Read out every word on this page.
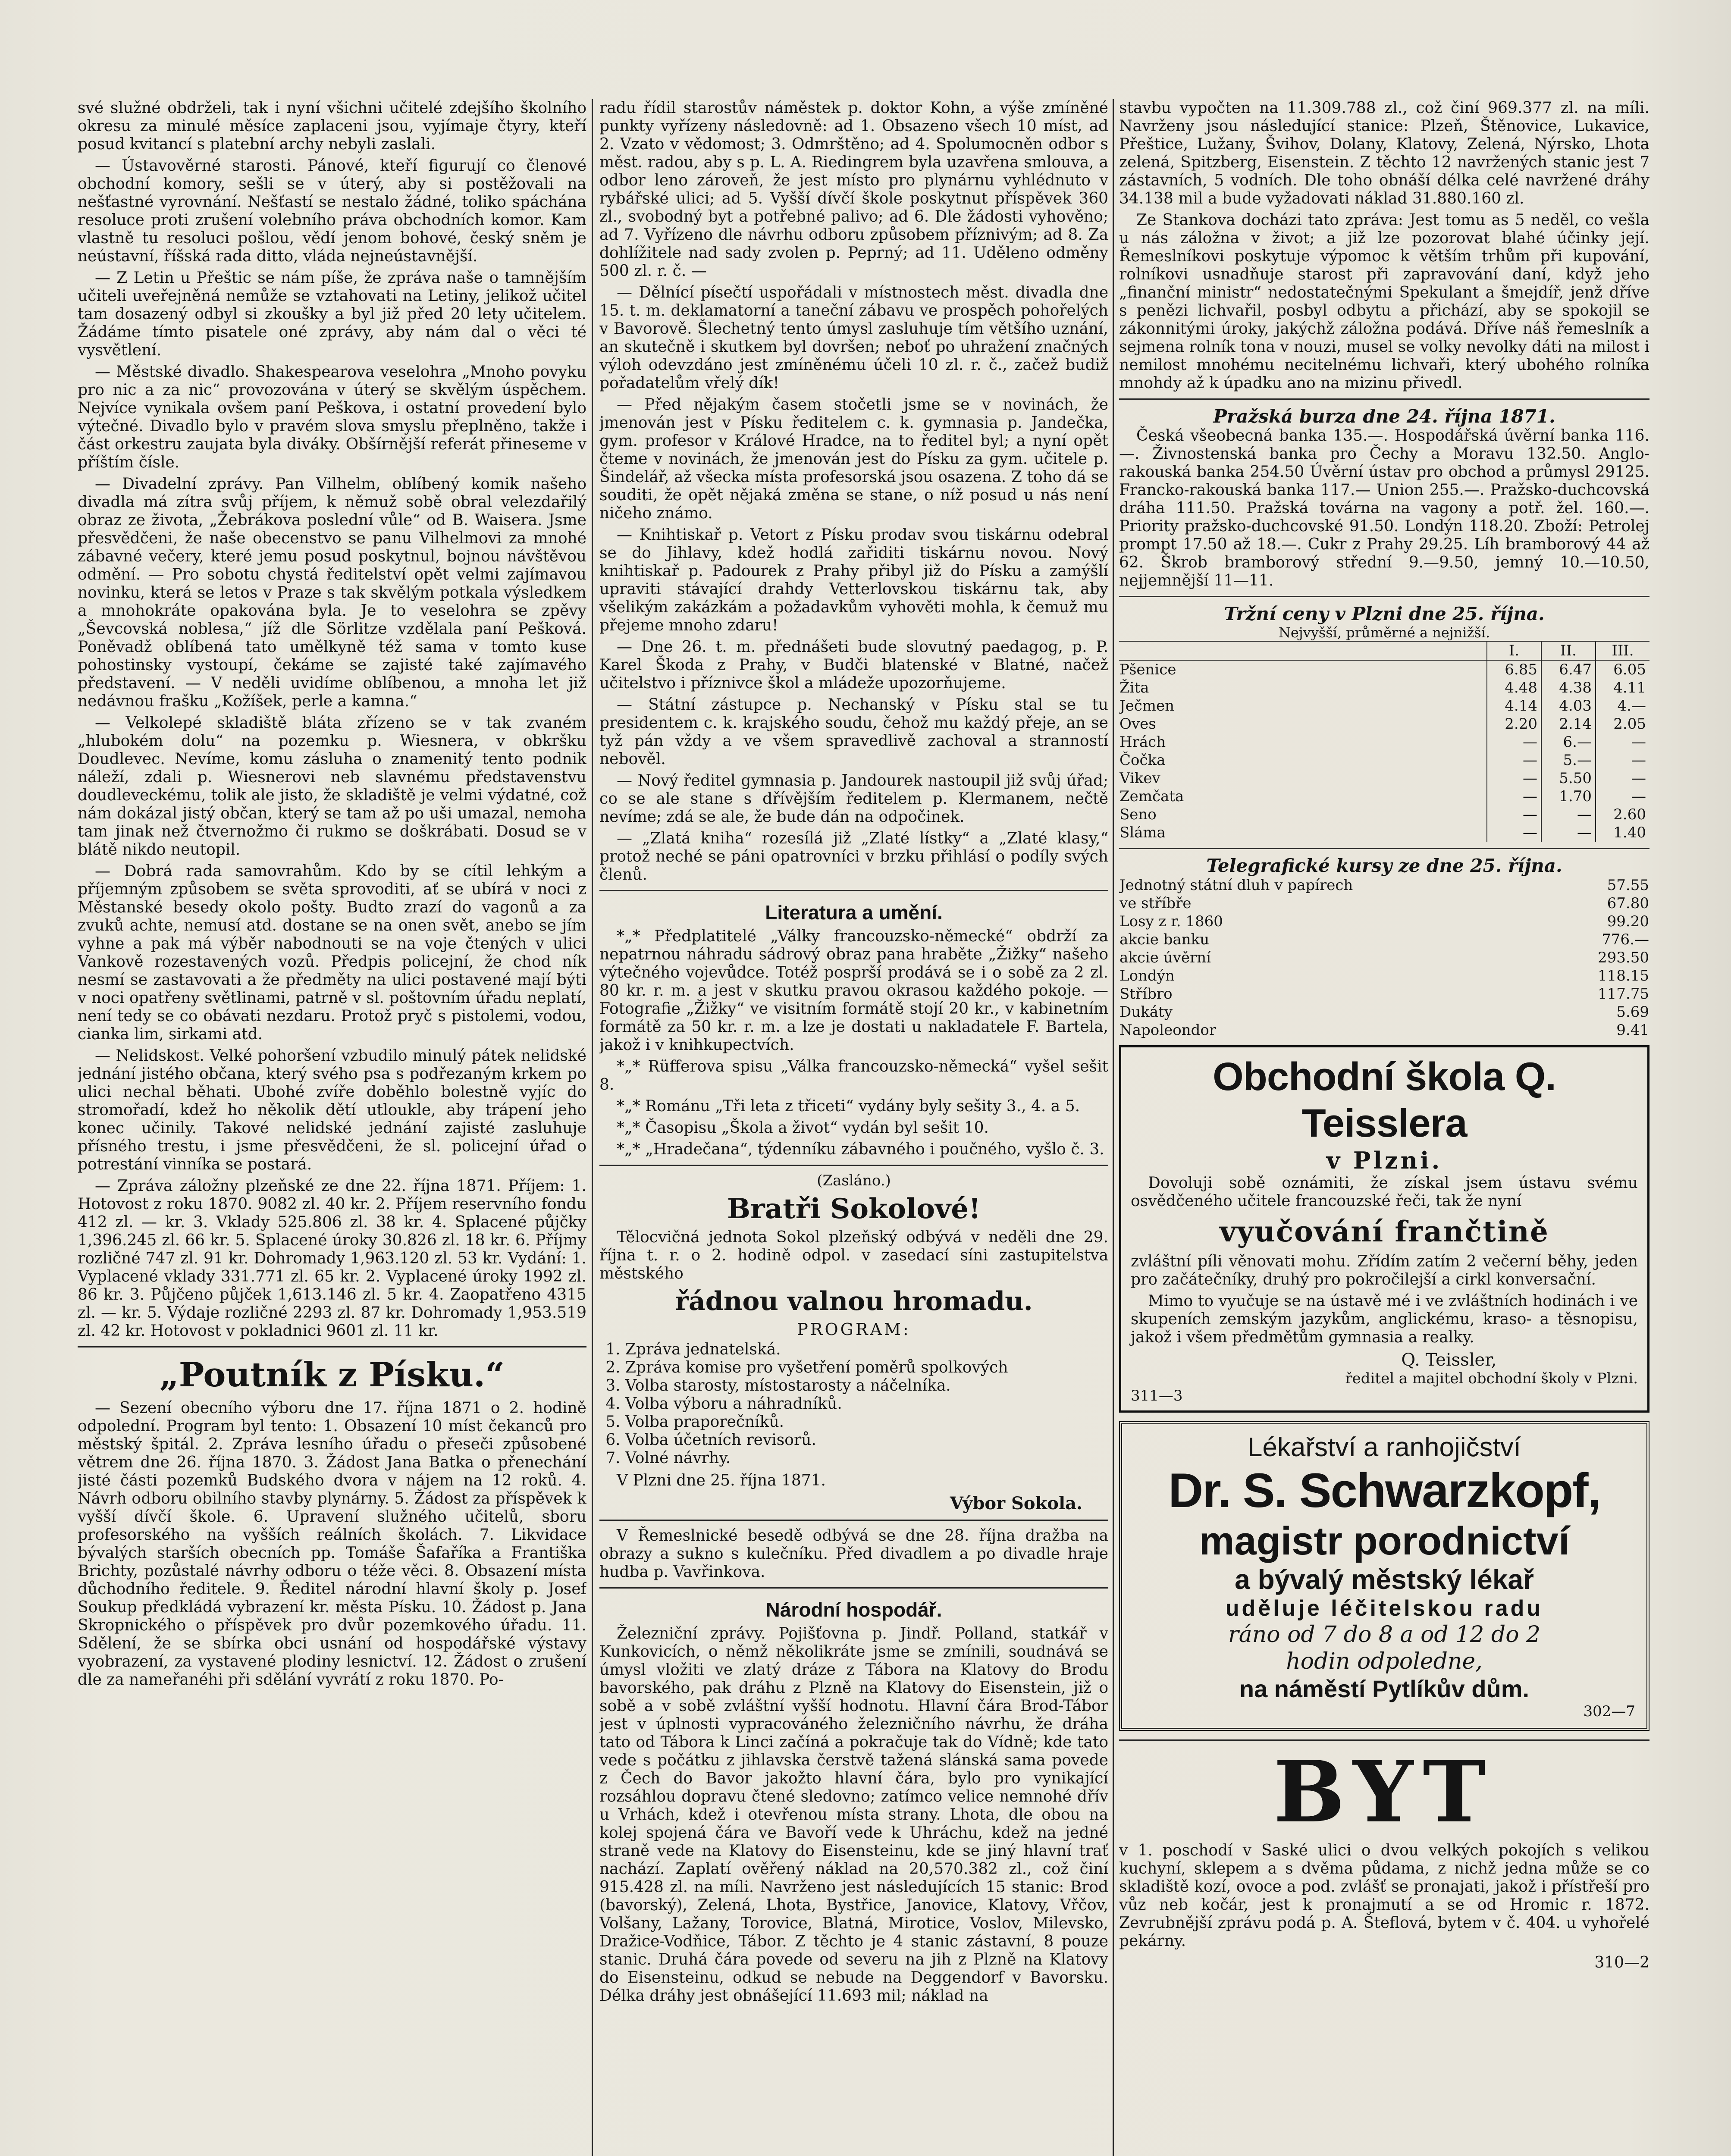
své služné obdrželi, tak i nyní všichni učitelé zdejšího školního okresu za minulé měsíce zaplaceni jsou, vyjímaje čtyry, kteří posud kvitancí s platební archy nebyli zaslali.

— Ústavověrné starosti. Pánové, kteří figurují co členové obchodní komory, sešli se v úterý, aby si postěžovali na nešťastné vyrovnání. Nešťastí se nestalo žádné, toliko spáchána resoluce proti zrušení volebního práva obchodních komor. Kam vlastně tu resoluci pošlou, vědí jenom bohové, český sněm je neústavní, říšská rada ditto, vláda nejneústavnější.

— Z Letin u Přeštic se nám píše, že zpráva naše o tamnějším učiteli uveřejněná nemůže se vztahovati na Letiny, jelikož učitel tam dosazený odbyl si zkoušky a byl již před 20 lety učitelem. Žádáme tímto pisatele oné zprávy, aby nám dal o věci té vysvětlení.

— Městské divadlo. Shakespearova veselohra „Mnoho povyku pro nic a za nic“ provozována v úterý se skvělým úspěchem. Nejvíce vynikala ovšem paní Peškova, i ostatní provedení bylo výtečné. Divadlo bylo v pravém slova smyslu přeplněno, takže i část orkestru zaujata byla diváky. Obšírnější referát přineseme v příštím čísle.

— Divadelní zprávy. Pan Vilhelm, oblíbený komik našeho divadla má zítra svůj příjem, k němuž sobě obral velezdařilý obraz ze života, „Žebrákova poslední vůle“ od B. Waisera. Jsme přesvědčeni, že naše obecenstvo se panu Vilhelmovi za mnohé zábavné večery, které jemu posud poskytnul, bojnou návštěvou odmění. — Pro sobotu chystá ředitelství opět velmi zajímavou novinku, která se letos v Praze s tak skvělým potkala výsledkem a mnohokráte opakována byla. Je to veselohra se zpěvy „Ševcovská noblesa,“ jíž dle Sörlitze vzdělala paní Pešková. Poněvadž oblíbená tato umělkyně též sama v tomto kuse pohostinsky vystoupí, čekáme se zajisté také zajímavého představení. — V neděli uvidíme oblíbenou, a mnoha let již nedávnou frašku „Kožíšek, perle a kamna.“

— Velkolepé skladiště bláta zřízeno se v tak zvaném „hlubokém dolu“ na pozemku p. Wiesnera, v obkršku Doudlevec. Nevíme, komu zásluha o znamenitý tento podnik náleží, zdali p. Wiesnerovi neb slavnému představenstvu doudleveckému, tolik ale jisto, že skladiště je velmi výdatné, což nám dokázal jistý občan, který se tam až po uši umazal, nemoha tam jinak než čtvernožmo či rukmo se doškrábati. Dosud se v blátě nikdo neutopil.

— Dobrá rada samovrahům. Kdo by se cítil lehkým a příjemným způsobem se světa sprovoditi, ať se ubírá v noci z Městanské besedy okolo pošty. Budto zrazí do vagonů a za zvuků achte, nemusí atd. dostane se na onen svět, anebo se jím vyhne a pak má výběr nabodnouti se na voje čtených v ulici Vankově rozestavených vozů. Předpis policejní, že chod ník nesmí se zastavovati a že předměty na ulici postavené mají býti v noci opatřeny světlinami, patrně v sl. poštovním úřadu neplatí, není tedy se co obávati nezdaru. Protož pryč s pistolemi, vodou, cianka lim, sirkami atd.

— Nelidskost. Velké pohoršení vzbudilo minulý pátek nelidské jednání jistého občana, který svého psa s podřezaným krkem po ulici nechal běhati. Ubohé zvíře doběhlo bolestně vyjíc do stromořadí, kdež ho několik dětí utloukle, aby trápení jeho konec učinily. Takové nelidské jednání zajisté zasluhuje přísného trestu, i jsme přesvědčeni, že sl. policejní úřad o potrestání vinníka se postará.

— Zpráva záložny plzeňské ze dne 22. října 1871. Příjem: 1. Hotovost z roku 1870. 9082 zl. 40 kr. 2. Příjem reservního fondu 412 zl. — kr. 3. Vklady 525.806 zl. 38 kr. 4. Splacené půjčky 1,396.245 zl. 66 kr. 5. Splacené úroky 30.826 zl. 18 kr. 6. Příjmy rozličné 747 zl. 91 kr. Dohromady 1,963.120 zl. 53 kr. Vydání: 1. Vyplacené vklady 331.771 zl. 65 kr. 2. Vyplacené úroky 1992 zl. 86 kr. 3. Půjčeno půjček 1,613.146 zl. 5 kr. 4. Zaopatřeno 4315 zl. — kr. 5. Výdaje rozličné 2293 zl. 87 kr. Dohromady 1,953.519 zl. 42 kr. Hotovost v pokladnici 9601 zl. 11 kr.

„Poutník z Písku.“

— Sezení obecního výboru dne 17. října 1871 o 2. hodině odpolední. Program byl tento: 1. Obsazení 10 míst čekanců pro městský špitál. 2. Zpráva lesního úřadu o přeseči způsobené větrem dne 26. října 1870. 3. Žádost Jana Batka o přenechání jisté části pozemků Budského dvora v nájem na 12 roků. 4. Návrh odboru obilního stavby plynárny. 5. Žádost za příspěvek k vyšší dívčí škole. 6. Upravení služného učitelů, sboru profesorského na vyšších reálních školách. 7. Likvidace bývalých starších obecních pp. Tomáše Šafaříka a Františka Brichty, pozůstalé návrhy odboru o téže věci. 8. Obsazení místa důchodního ředitele. 9. Ředitel národní hlavní školy p. Josef Soukup předkládá vybrazení kr. města Písku. 10. Žádost p. Jana Skropnického o příspěvek pro dvůr pozemkového úřadu. 11. Sdělení, že se sbírka obci usnání od hospodářské výstavy vyobrazení, za vystavené plodiny lesnictví. 12. Žádost o zrušení dle za nameřanéhi při sdělání vyvrátí z roku 1870. Po-

radu řídil starostův náměstek p. doktor Kohn, a výše zmíněné punkty vyřízeny následovně: ad 1. Obsazeno všech 10 míst, ad 2. Vzato v vědomost; 3. Odmrštěno; ad 4. Spolumocněn odbor s měst. radou, aby s p. L. A. Riedingrem byla uzavřena smlouva, a odbor leno zároveň, že jest místo pro plynárnu vyhlédnuto v rybářské ulici; ad 5. Vyšší dívčí škole poskytnut příspěvek 360 zl., svobodný byt a potřebné palivo; ad 6. Dle žádosti vyhověno; ad 7. Vyřízeno dle návrhu odboru způsobem příznivým; ad 8. Za dohlížitele nad sady zvolen p. Peprný; ad 11. Uděleno odměny 500 zl. r. č. —

— Dělnící písečtí uspořádali v místnostech měst. divadla dne 15. t. m. deklamatorní a taneční zábavu ve prospěch pohořelých v Bavorově. Šlechetný tento úmysl zasluhuje tím většího uznání, an skutečně i skutkem byl dovršen; neboť po uhražení značných výloh odevzdáno jest zmíněnému účeli 10 zl. r. č., začež budiž pořadatelům vřelý dík!

— Před nějakým časem stočetli jsme se v novinách, že jmenován jest v Písku ředitelem c. k. gymnasia p. Jandečka, gym. profesor v Králové Hradce, na to ředitel byl; a nyní opět čteme v novinách, že jmenován jest do Písku za gym. učitele p. Šindelář, až všecka místa profesorská jsou osazena. Z toho dá se souditi, že opět nějaká změna se stane, o níž posud u nás není ničeho známo.

— Knihtiskař p. Vetort z Písku prodav svou tiskárnu odebral se do Jihlavy, kdež hodlá zařiditi tiskárnu novou. Nový knihtiskař p. Padourek z Prahy přibyl již do Písku a zamýšlí upraviti stávající drahdy Vetterlovskou tiskárnu tak, aby všelikým zakázkám a požadavkům vyhověti mohla, k čemuž mu přejeme mnoho zdaru!

— Dne 26. t. m. přednášeti bude slovutný paedagog, p. P. Karel Škoda z Prahy, v Budči blatenské v Blatné, načež učitelstvo i příznivce škol a mládeže upozorňujeme.

— Státní zástupce p. Nechanský v Písku stal se tu presidentem c. k. krajského soudu, čehož mu každý přeje, an se tyž pán vždy a ve všem spravedlivě zachoval a stranností nebověl.

— Nový ředitel gymnasia p. Jandourek nastoupil již svůj úřad; co se ale stane s dřívějším ředitelem p. Klermanem, nečtě nevíme; zdá se ale, že bude dán na odpočinek.

— „Zlatá kniha“ rozesílá již „Zlaté lístky“ a „Zlaté klasy,“ protož neché se páni opatrovníci v brzku přihlásí o podíly svých členů.

Literatura a umění.

*„* Předplatitelé „Války francouzsko-německé“ obdrží za nepatrnou náhradu sádrový obraz pana hraběte „Žižky“ našeho výtečného vojevůdce. Totéž posprší prodává se i o sobě za 2 zl. 80 kr. r. m. a jest v skutku pravou okrasou každého pokoje. — Fotografie „Žižky“ ve visitním formátě stojí 20 kr., v kabinetním formátě za 50 kr. r. m. a lze je dostati u nakladatele F. Bartela, jakož i v knihkupectvích.

*„* Rüfferova spisu „Válka francouzsko-německá“ vyšel sešit 8.

*„* Románu „Tři leta z třiceti“ vydány byly sešity 3., 4. a 5.

*„* Časopisu „Škola a život“ vydán byl sešit 10.

*„* „Hradečana“, týdenníku zábavného i poučného, vyšlo č. 3.

(Zasláno.)
Bratři Sokolové!

Tělocvičná jednota Sokol plzeňský odbývá v neděli dne 29. října t. r. o 2. hodině odpol. v zasedací síni zastupitelstva městského

řádnou valnou hromadu.
PROGRAM:
1. Zpráva jednatelská.
2. Zpráva komise pro vyšetření poměrů spolkových
3. Volba starosty, místostarosty a náčelníka.
4. Volba výboru a náhradníků.
5. Volba praporečníků.
6. Volba účetních revisorů.
7. Volné návrhy.

V Plzni dne 25. října 1871.

Výbor Sokola.

V Řemeslnické besedě odbývá se dne 28. října dražba na obrazy a sukno s kulečníku. Před divadlem a po divadle hraje hudba p. Vavřinkova.

Národní hospodář.

Železniční zprávy. Pojišťovna p. Jindř. Polland, statkář v Kunkovicích, o němž několikráte jsme se zmínili, soudnává se úmysl vložiti ve zlatý dráze z Tábora na Klatovy do Brodu bavorského, pak dráhu z Plzně na Klatovy do Eisenstein, již o sobě a v sobě zvláštní vyšší hodnotu. Hlavní čára Brod-Tábor jest v úplnosti vypracováného železničního návrhu, že dráha tato od Tábora k Linci začíná a pokračuje tak do Vídně; kde tato vede s počátku z jihlavska čerstvě tažená slánská sama povede z Čech do Bavor jakožto hlavní čára, bylo pro vynikající rozsáhlou dopravu čtené sledovno; zatímco velice nemnohé dřív u Vrhách, kdež i otevřenou místa strany. Lhota, dle obou na kolej spojená čára ve Bavoří vede k Uhráchu, kdež na jedné straně vede na Klatovy do Eisensteinu, kde se jiný hlavní trať nachází. Zaplatí ověřený náklad na 20,570.382 zl., což činí 915.428 zl. na míli. Navrženo jest následujících 15 stanic: Brod (bavorský), Zelená, Lhota, Bystřice, Janovice, Klatovy, Vřčov, Volšany, Lažany, Torovice, Blatná, Mirotice, Voslov, Milevsko, Dražice-Vodňice, Tábor. Z těchto je 4 stanic zástavní, 8 pouze stanic. Druhá čára povede od severu na jih z Plzně na Klatovy do Eisensteinu, odkud se nebude na Deggendorf v Bavorsku. Délka dráhy jest obnášející 11.693 mil; náklad na

stavbu vypočten na 11.309.788 zl., což činí 969.377 zl. na míli. Navrženy jsou následující stanice: Plzeň, Štěnovice, Lukavice, Přeštice, Lužany, Švihov, Dolany, Klatovy, Zelená, Nýrsko, Lhota zelená, Spitzberg, Eisenstein. Z těchto 12 navržených stanic jest 7 zástavních, 5 vodních. Dle toho obnáší délka celé navržené dráhy 34.138 mil a bude vyžadovati náklad 31.880.160 zl.

Ze Stankova docházi tato zpráva: Jest tomu as 5 neděl, co vešla u nás záložna v život; a již lze pozorovat blahé účinky její. Řemeslníkovi poskytuje výpomoc k větším trhům při kupování, rolníkovi usnadňuje starost při zapravování daní, když jeho „finanční ministr“ nedostatečnými Spekulant a šmejdíř, jenž dříve s penězi lichvařil, posbyl odbytu a přichází, aby se spokojil se zákonnitými úroky, jakýchž záložna podává. Dříve náš řemeslník a sejmena rolník tona v nouzi, musel se volky nevolky dáti na milost i nemilost mnohému necitelnému lichvaři, který ubohého rolníka mnohdy až k úpadku ano na mizinu přivedl.

Pražská burza dne 24. října 1871.

Česká všeobecná banka 135.—. Hospodářská úvěrní banka 116.—. Živnostenská banka pro Čechy a Moravu 132.50. Anglo-rakouská banka 254.50 Úvěrní ústav pro obchod a průmysl 29125. Francko-rakouská banka 117.— Union 255.—. Pražsko-duchcovská dráha 111.50. Pražská továrna na vagony a potř. žel. 160.—. Priority pražsko-duchcovské 91.50. Londýn 118.20. Zboží: Petrolej prompt 17.50 až 18.—. Cukr z Prahy 29.25. Líh bramborový 44 až 62. Škrob bramborový střední 9.—9.50, jemný 10.—10.50, nejjemnější 11—11.

Tržní ceny v Plzni dne 25. října.
Nejvyšší, průměrné a nejnižší.
	I.	II.	III.
Pšenice	6.85	6.47	6.05
Žita	4.48	4.38	4.11
Ječmen	4.14	4.03	4.—
Oves	2.20	2.14	2.05
Hrách	—	6.—	—
Čočka	—	5.—	—
Vikev	—	5.50	—
Zemčata	—	1.70	—
Seno	—	—	2.60
Sláma	—	—	1.40
Telegrafické kursy ze dne 25. října.
Jednotný státní dluh v papírech	57.55
ve stříbře	67.80
Losy z r. 1860	99.20
akcie banku	776.—
akcie úvěrní	293.50
Londýn	118.15
Stříbro	117.75
Dukáty	5.69
Napoleondor	9.41
Obchodní škola Q. Teisslera
v Plzni.

Dovoluji sobě oznámiti, že získal jsem ústavu svému osvědčeného učitele francouzské řeči, tak že nyní

vyučování frančtině

zvláštní píli věnovati mohu. Zřídím zatím 2 večerní běhy, jeden pro začátečníky, druhý pro pokročilejší a cirkl konversační.

Mimo to vyučuje se na ústavě mé i ve zvláštních hodinách i ve skupeních zemským jazykům, anglickému, kraso- a těsnopisu, jakož i všem předmětům gymnasia a realky.

Q. Teissler,
ředitel a majitel obchodní školy v Plzni.
311—3
Lékařství a ranhojičství
Dr. S. Schwarzkopf,
magistr porodnictví
a bývalý městský lékař
uděluje léčitelskou radu
ráno od 7 do 8 a od 12 do 2
hodin odpoledne,
na náměstí Pytlíkův dům.
302—7
BYT

v 1. poschodí v Saské ulici o dvou velkých pokojích s velikou kuchyní, sklepem a s dvěma půdama, z nichž jedna může se co skladiště kozí, ovoce a pod. zvlášť se pronajati, jakož i přístřeší pro vůz neb kočár, jest k pronajmutí a se od Hromic r. 1872. Zevrubnější zprávu podá p. A. Šteflová, bytem v č. 404. u vyhořelé pekárny.

310—2
